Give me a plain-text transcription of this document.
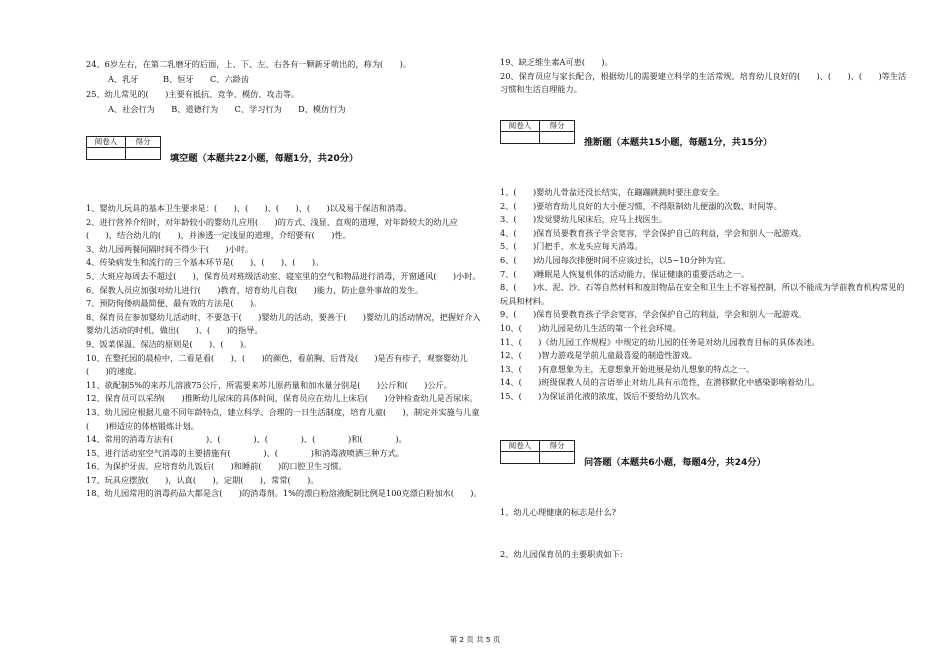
24、6岁左右，在第二乳磨牙的后面，上、下、左、右各有一颗新牙萌出的，称为(　　)。
A、乳牙　　　B、恒牙　　C、六龄齿
25、幼儿常见的(　　)主要有抵抗、竞争、模仿、攻击等。
A、社会行为　　B、道德行为　　C、学习行为　　D、模仿行为
阅卷人	得分

填空题（本题共22小题，每题1分，共20分）
1、婴幼儿玩具的基本卫生要求是：(　　)、(　　)、(　　)、(　　)以及易于保洁和消毒。
2、进行营养介绍时，对年龄较小的婴幼儿应用(　　)的方式、浅显、直观的道理，对年龄较大的幼儿应(　　)，结合幼儿的(　　)，并渗透一定浅显的道理，介绍要有(　　)性。
3、幼儿园两餐间隔时间不得少于(　　)小时。
4、传染病发生和流行的三个基本环节是(　　)、(　　)、(　　)。
5、大班应每周去不超过(　　)，保育员对班级活动室、寝室里的空气和物品进行消毒，开窗通风(　　)小时。
6、保教人员应加强对幼儿进行(　　)教育，培育幼儿自我(　　)能力，防止意外事故的发生。
7、预防佝偻病最简便、最有效的方法是(　　)。
8、保育员在参加婴幼儿活动时，不要急于(　　)婴幼儿的活动，要善于(　　)婴幼儿的活动情况，把握好介入婴幼儿活动的时机，做出(　　)、(　　)的指导。
9、饭菜保温、保洁的原则是(　　)、(　　)。
10、在整托园的晨检中，二看是看(　　)、(　　)的颜色，看前胸、后背及(　　)是否有疹子，观察婴幼儿(　　)的速度。
11、欲配制5%的来苏儿溶液75公斤，所需要来苏儿原药量和加水量分别是(　　)公斤和(　　)公斤。
12、保育员可以采纳(　　)推断幼儿尿床的具体时间，保育员应在幼儿上床后(　　)分钟检查幼儿是否尿床。
13、幼儿园应根据儿童不同年龄特点，建立科学、合理的一日生活制度，培育儿童(　　)，制定并实施与儿童(　　)相适应的体格锻炼计划。
14、常用的消毒方法有(　　　　)、(　　　　)、(　　　　)、(　　　　)和(　　　　)。
15、进行活动室空气消毒的主要措施有(　　　　)、(　　　　)和消毒液喷洒三种方式。
16、为保护牙齿，应培育幼儿饭后(　　)和睡前(　　)的口腔卫生习惯。
17、玩具应摆放(　　)，认真(　　)，定期(　　)，常常(　　)。
18、幼儿园常用的消毒药品大都是含(　　)的消毒剂。1%的漂白粉溶液配制比例是100克漂白粉加水(　　)。
19、缺乏维生素A可患(　　)。
20、保育员应与家长配合，根据幼儿的需要建立科学的生活常规。培育幼儿良好的(　　)、(　　)、(　　)等生活习惯和生活自理能力。
阅卷人	得分

推断题（本题共15小题，每题1分，共15分）
1、(　　)婴幼儿骨盆还没长结实，在蹦蹦跳跳时要注意安全。
2、(　　)要培育幼儿良好的大小便习惯，不得限制幼儿便溺的次数、时间等。
3、(　　)发觉婴幼儿尿床后，应马上找医生。
4、(　　)保育员要教育孩子学会宽容，学会保护自己的利益，学会和别人一起游戏。
5、(　　)门把手、水龙头应每天消毒。
6、(　　)幼儿园每次排便时间不应该过长，以5~10分钟为宜。
7、(　　)睡眠是人恢复机体的活动能力，保证健康的重要活动之一。
8、(　　)水、泥、沙、石等自然材料和废旧物品在安全和卫生上不容易控制，所以不能成为学前教育机构常见的玩具和材料。
9、(　　)保育员要教育孩子学会宽容，学会保护自己的利益，学会和别人一起游戏。
10、(　　)幼儿园是幼儿生活的第一个社会环境。
11、(　　)《幼儿园工作规程》中规定的幼儿园的任务是对幼儿园教育目标的具体表述。
12、(　　)智力游戏是学前儿童最喜爱的制造性游戏。
13、(　　)有意想象为主，无意想象开始进展是幼儿想象的特点之一。
14、(　　)班级保教人员的言语举止对幼儿具有示范性，在潜移默化中感染影响着幼儿。
15、(　　)为保证消化液的浓度，饭后不要给幼儿饮水。
阅卷人	得分

问答题（本题共6小题，每题4分，共24分）
1、幼儿心理健康的标志是什么?
2、幼儿园保育员的主要职责如下:
第 2 页 共 5 页
